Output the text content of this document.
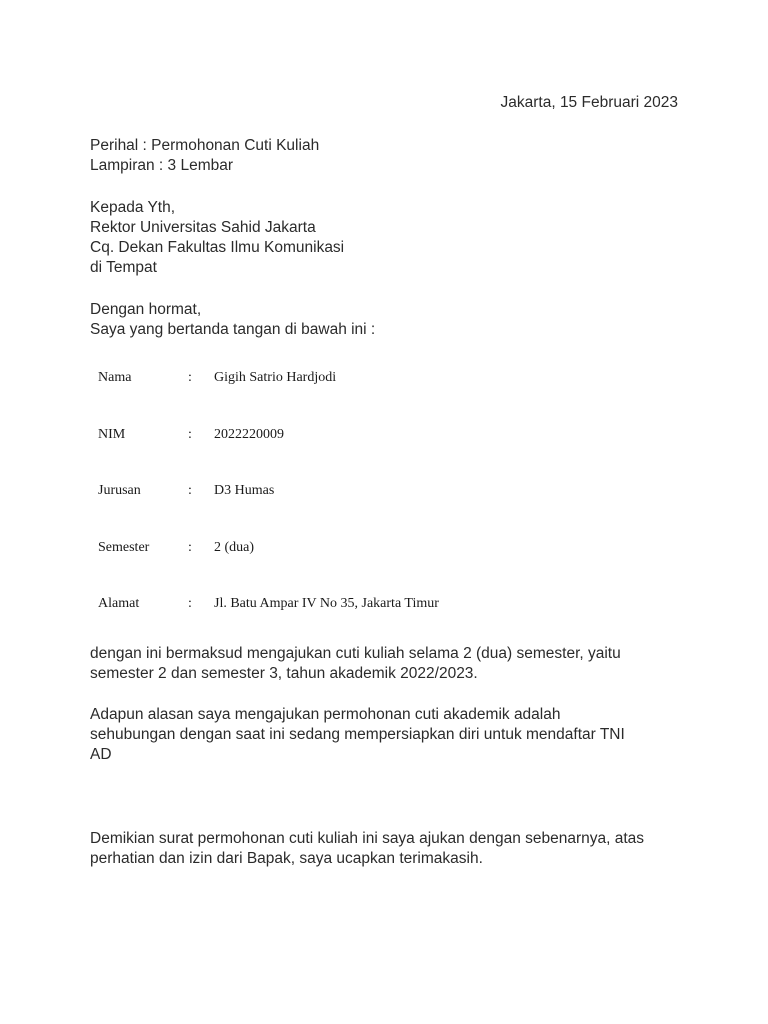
Jakarta, 15 Februari 2023
Perihal : Permohonan Cuti Kuliah
Lampiran : 3 Lembar
Kepada Yth,
Rektor Universitas Sahid Jakarta
Cq. Dekan Fakultas Ilmu Komunikasi
di Tempat
Dengan hormat,
Saya yang bertanda tangan di bawah ini :
Nama	: Gigih Satrio Hardjodi
NIM	: 2022220009
Jurusan	: D3 Humas
Semester	: 2 (dua)
Alamat	: Jl. Batu Ampar IV No 35, Jakarta Timur
dengan ini bermaksud mengajukan cuti kuliah selama 2 (dua) semester, yaitu
semester 2 dan semester 3, tahun akademik 2022/2023.
Adapun alasan saya mengajukan permohonan cuti akademik adalah
sehubungan dengan saat ini sedang mempersiapkan diri untuk mendaftar TNI
AD
Demikian surat permohonan cuti kuliah ini saya ajukan dengan sebenarnya, atas
perhatian dan izin dari Bapak, saya ucapkan terimakasih.
